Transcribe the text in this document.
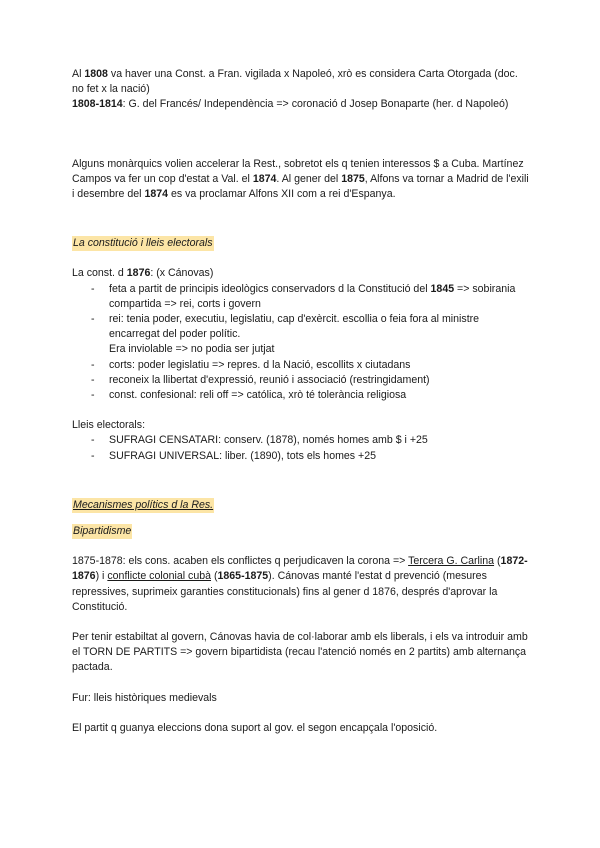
Al 1808 va haver una Const. a Fran. vigilada x Napoleó, xrò es considera Carta Otorgada (doc. no fet x la nació)

1808-1814: G. del Francés/ Independència => coronació d Josep Bonaparte (her. d Napoleó)

Alguns monàrquics volien accelerar la Rest., sobretot els q tenien interessos $ a Cuba. Martínez Campos va fer un cop d'estat a Val. el 1874. Al gener del 1875, Alfons va tornar a Madrid de l'exili i desembre del 1874 es va proclamar Alfons XII com a rei d'Espanya.

La constitució i lleis electorals

La const. d 1876: (x Cánovas)

- feta a partit de principis ideològics conservadors d la Constitució del 1845 => sobirania compartida => rei, corts i govern
- rei: tenia poder, executiu, legislatiu, cap d'exèrcit. escollia o feia fora al ministre encarregat del poder polític.
Era inviolable => no podia ser jutjat
- corts: poder legislatiu => repres. d la Nació, escollits x ciutadans
- reconeix la llibertat d'expressió, reunió i associació (restringidament)
- const. confesional: reli off => católica, xrò té tolerància religiosa

Lleis electorals:

- SUFRAGI CENSATARI: conserv. (1878), només homes amb $ i +25
- SUFRAGI UNIVERSAL: liber. (1890), tots els homes +25

Mecanismes polítics d la Res.

Bipartidisme

1875-1878: els cons. acaben els conflictes q perjudicaven la corona => Tercera G. Carlina (1872-1876) i conflicte colonial cubà (1865-1875). Cánovas manté l'estat d prevenció (mesures repressives, suprimeix garanties constitucionals) fins al gener d 1876, després d'aprovar la Constitució.

Per tenir estabiltat al govern, Cánovas havia de col·laborar amb els liberals, i els va introduir amb el TORN DE PARTITS => govern bipartidista (recau l'atenció només en 2 partits) amb alternança pactada.

Fur: lleis històriques medievals

El partit q guanya eleccions dona suport al gov. el segon encapçala l'oposició.
